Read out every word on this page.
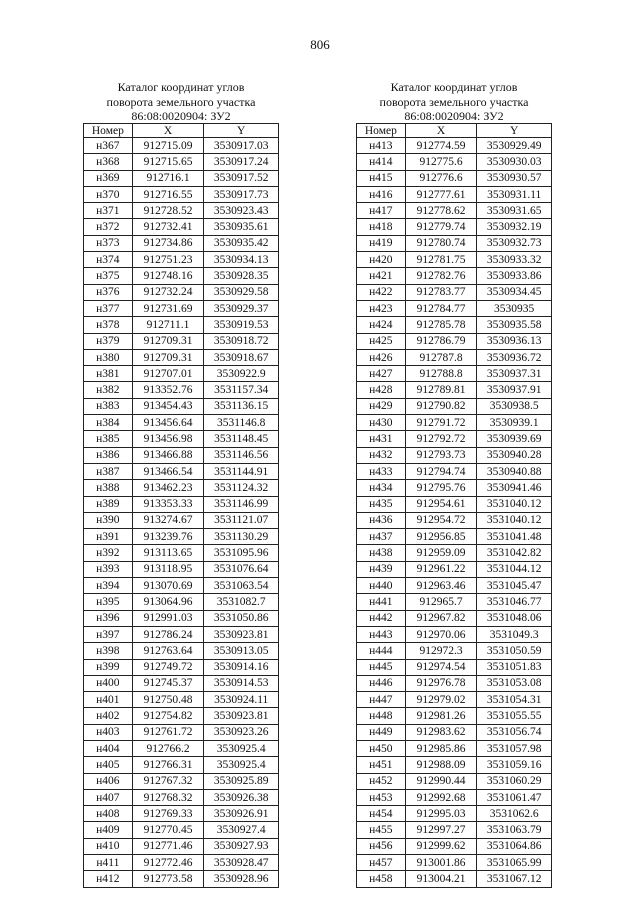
806
Каталог координат углов
поворота земельного участка
86:08:0020904: ЗУ2
Номер	X	Y
н367	912715.09	3530917.03
н368	912715.65	3530917.24
н369	912716.1	3530917.52
н370	912716.55	3530917.73
н371	912728.52	3530923.43
н372	912732.41	3530935.61
н373	912734.86	3530935.42
н374	912751.23	3530934.13
н375	912748.16	3530928.35
н376	912732.24	3530929.58
н377	912731.69	3530929.37
н378	912711.1	3530919.53
н379	912709.31	3530918.72
н380	912709.31	3530918.67
н381	912707.01	3530922.9
н382	913352.76	3531157.34
н383	913454.43	3531136.15
н384	913456.64	3531146.8
н385	913456.98	3531148.45
н386	913466.88	3531146.56
н387	913466.54	3531144.91
н388	913462.23	3531124.32
н389	913353.33	3531146.99
н390	913274.67	3531121.07
н391	913239.76	3531130.29
н392	913113.65	3531095.96
н393	913118.95	3531076.64
н394	913070.69	3531063.54
н395	913064.96	3531082.7
н396	912991.03	3531050.86
н397	912786.24	3530923.81
н398	912763.64	3530913.05
н399	912749.72	3530914.16
н400	912745.37	3530914.53
н401	912750.48	3530924.11
н402	912754.82	3530923.81
н403	912761.72	3530923.26
н404	912766.2	3530925.4
н405	912766.31	3530925.4
н406	912767.32	3530925.89
н407	912768.32	3530926.38
н408	912769.33	3530926.91
н409	912770.45	3530927.4
н410	912771.46	3530927.93
н411	912772.46	3530928.47
н412	912773.58	3530928.96
Каталог координат углов
поворота земельного участка
86:08:0020904: ЗУ2
Номер	X	Y
н413	912774.59	3530929.49
н414	912775.6	3530930.03
н415	912776.6	3530930.57
н416	912777.61	3530931.11
н417	912778.62	3530931.65
н418	912779.74	3530932.19
н419	912780.74	3530932.73
н420	912781.75	3530933.32
н421	912782.76	3530933.86
н422	912783.77	3530934.45
н423	912784.77	3530935
н424	912785.78	3530935.58
н425	912786.79	3530936.13
н426	912787.8	3530936.72
н427	912788.8	3530937.31
н428	912789.81	3530937.91
н429	912790.82	3530938.5
н430	912791.72	3530939.1
н431	912792.72	3530939.69
н432	912793.73	3530940.28
н433	912794.74	3530940.88
н434	912795.76	3530941.46
н435	912954.61	3531040.12
н436	912954.72	3531040.12
н437	912956.85	3531041.48
н438	912959.09	3531042.82
н439	912961.22	3531044.12
н440	912963.46	3531045.47
н441	912965.7	3531046.77
н442	912967.82	3531048.06
н443	912970.06	3531049.3
н444	912972.3	3531050.59
н445	912974.54	3531051.83
н446	912976.78	3531053.08
н447	912979.02	3531054.31
н448	912981.26	3531055.55
н449	912983.62	3531056.74
н450	912985.86	3531057.98
н451	912988.09	3531059.16
н452	912990.44	3531060.29
н453	912992.68	3531061.47
н454	912995.03	3531062.6
н455	912997.27	3531063.79
н456	912999.62	3531064.86
н457	913001.86	3531065.99
н458	913004.21	3531067.12
